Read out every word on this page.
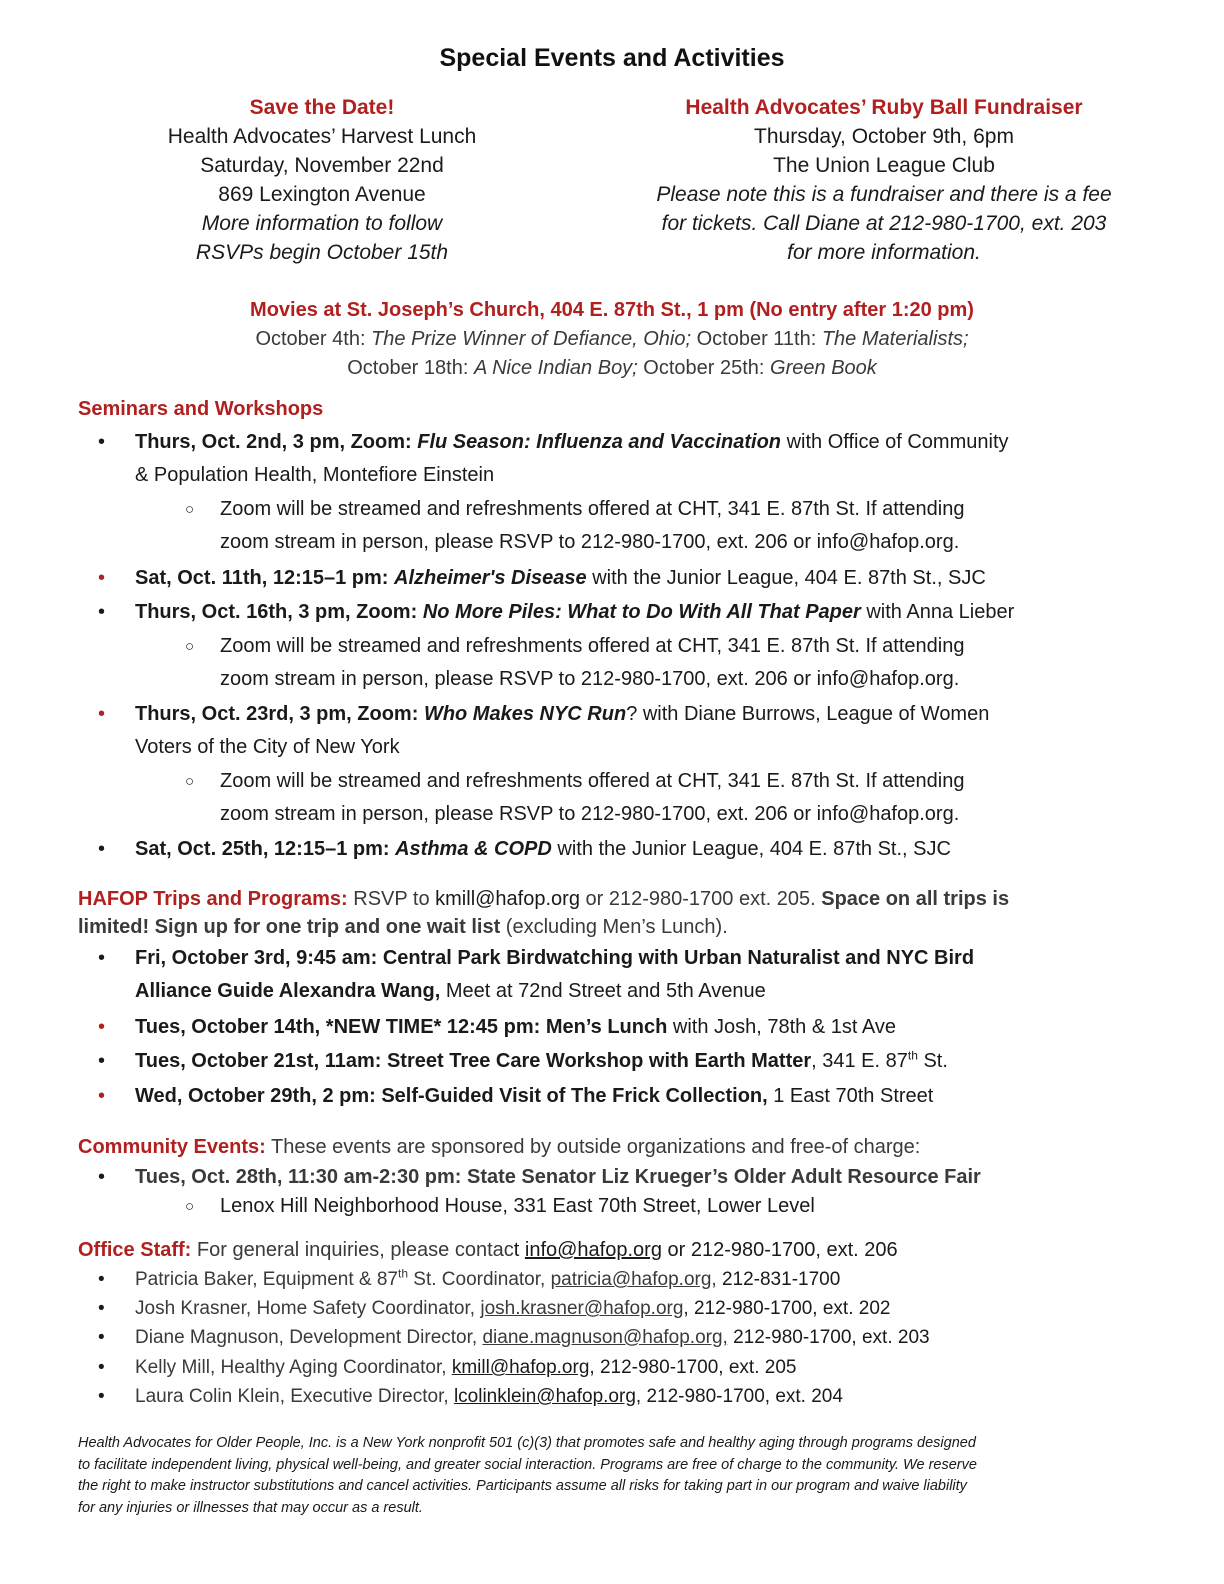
Special Events and Activities
Save the Date!
Health Advocates’ Harvest Lunch
Saturday, November 22nd
869 Lexington Avenue
More information to follow
RSVPs begin October 15th
Health Advocates’ Ruby Ball Fundraiser
Thursday, October 9th, 6pm
The Union League Club
Please note this is a fundraiser and there is a fee
for tickets. Call Diane at 212-980-1700, ext. 203
for more information.
Movies at St. Joseph’s Church, 404 E. 87th St., 1 pm (No entry after 1:20 pm)
October 4th: The Prize Winner of Defiance, Ohio; October 11th: The Materialists;
October 18th: A Nice Indian Boy; October 25th: Green Book
Seminars and Workshops
• Thurs, Oct. 2nd, 3 pm, Zoom: Flu Season: Influenza and Vaccination with Office of Community
& Population Health, Montefiore Einstein
○ Zoom will be streamed and refreshments offered at CHT, 341 E. 87th St. If attending
zoom stream in person, please RSVP to 212-980-1700, ext. 206 or info@hafop.org.
• Sat, Oct. 11th, 12:15–1 pm: Alzheimer's Disease with the Junior League, 404 E. 87th St., SJC
• Thurs, Oct. 16th, 3 pm, Zoom: No More Piles: What to Do With All That Paper with Anna Lieber
○ Zoom will be streamed and refreshments offered at CHT, 341 E. 87th St. If attending
zoom stream in person, please RSVP to 212-980-1700, ext. 206 or info@hafop.org.
• Thurs, Oct. 23rd, 3 pm, Zoom: Who Makes NYC Run? with Diane Burrows, League of Women
Voters of the City of New York
○ Zoom will be streamed and refreshments offered at CHT, 341 E. 87th St. If attending
zoom stream in person, please RSVP to 212-980-1700, ext. 206 or info@hafop.org.
• Sat, Oct. 25th, 12:15–1 pm: Asthma & COPD with the Junior League, 404 E. 87th St., SJC
HAFOP Trips and Programs: RSVP to kmill@hafop.org or 212-980-1700 ext. 205. Space on all trips is
limited! Sign up for one trip and one wait list (excluding Men’s Lunch).
• Fri, October 3rd, 9:45 am: Central Park Birdwatching with Urban Naturalist and NYC Bird
Alliance Guide Alexandra Wang, Meet at 72nd Street and 5th Avenue
• Tues, October 14th, *NEW TIME* 12:45 pm: Men’s Lunch with Josh, 78th & 1st Ave
• Tues, October 21st, 11am: Street Tree Care Workshop with Earth Matter, 341 E. 87th St.
• Wed, October 29th, 2 pm: Self-Guided Visit of The Frick Collection, 1 East 70th Street
Community Events: These events are sponsored by outside organizations and free-of charge:
• Tues, Oct. 28th, 11:30 am-2:30 pm: State Senator Liz Krueger’s Older Adult Resource Fair
○ Lenox Hill Neighborhood House, 331 East 70th Street, Lower Level
Office Staff: For general inquiries, please contact info@hafop.org or 212-980-1700, ext. 206
• Patricia Baker, Equipment & 87th St. Coordinator, patricia@hafop.org, 212-831-1700
• Josh Krasner, Home Safety Coordinator, josh.krasner@hafop.org, 212-980-1700, ext. 202
• Diane Magnuson, Development Director, diane.magnuson@hafop.org, 212-980-1700, ext. 203
• Kelly Mill, Healthy Aging Coordinator, kmill@hafop.org, 212-980-1700, ext. 205
• Laura Colin Klein, Executive Director, lcolinklein@hafop.org, 212-980-1700, ext. 204
Health Advocates for Older People, Inc. is a New York nonprofit 501 (c)(3) that promotes safe and healthy aging through programs designed
to facilitate independent living, physical well-being, and greater social interaction. Programs are free of charge to the community. We reserve
the right to make instructor substitutions and cancel activities. Participants assume all risks for taking part in our program and waive liability
for any injuries or illnesses that may occur as a result.
